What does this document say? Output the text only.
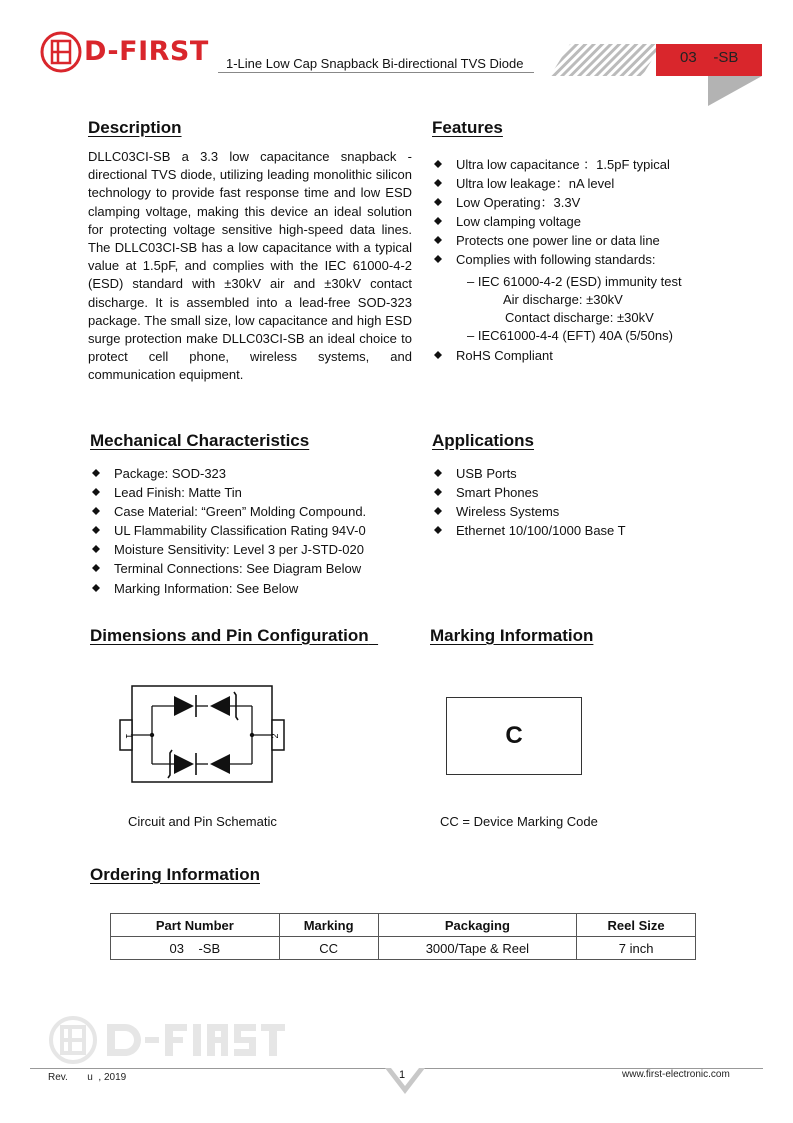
D-FIRST 1-Line Low Cap Snapback Bi-directional TVS Diode	03    -SB
Description

DLLC03CI-SB a 3.3 low capacitance snapback -directional TVS diode, utilizing leading monolithic silicon technology to provide fast response time and low ESD clamping voltage, making this device an ideal solution for protecting voltage sensitive high-speed data lines. The DLLC03CI-SB has a low capacitance with a typical value at 1.5pF, and complies with the IEC 61000-4-2 (ESD) standard with ±30kV air and ±30kV contact discharge. It is assembled into a lead-free SOD-323 package. The small size, low capacitance and high ESD surge protection make DLLC03CI-SB an ideal choice to protect cell phone, wireless systems, and communication equipment.

Features
Ultra low capacitance ：1.5pF typical
Ultra low leakage：nA level
Low Operating：3.3V
Low clamping voltage
Protects one power line or data line
Complies with following standards:
– IEC 61000-4-2 (ESD) immunity test
Air discharge: ±30kV
Contact discharge: ±30kV
– IEC61000-4-4 (EFT) 40A (5/50ns)
RoHS Compliant
Mechanical Characteristics
Package: SOD-323
Lead Finish: Matte Tin
Case Material: “Green” Molding Compound.
UL Flammability Classification Rating 94V-0
Moisture Sensitivity: Level 3 per J-STD-020
Terminal Connections: See Diagram Below
Marking Information: See Below
Applications
USB Ports
Smart Phones
Wireless Systems
Ethernet 10/100/1000 Base T
Dimensions and Pin Configuration	Marking Information
1	2
Circuit and Pin Schematic
C
CC = Device Marking Code
Ordering Information
Part Number	Marking	Packaging	Reel Size
03    -SB	CC	3000/Tape & Reel	7 inch
Rev.       u  , 2019	1	www.first-electronic.com
